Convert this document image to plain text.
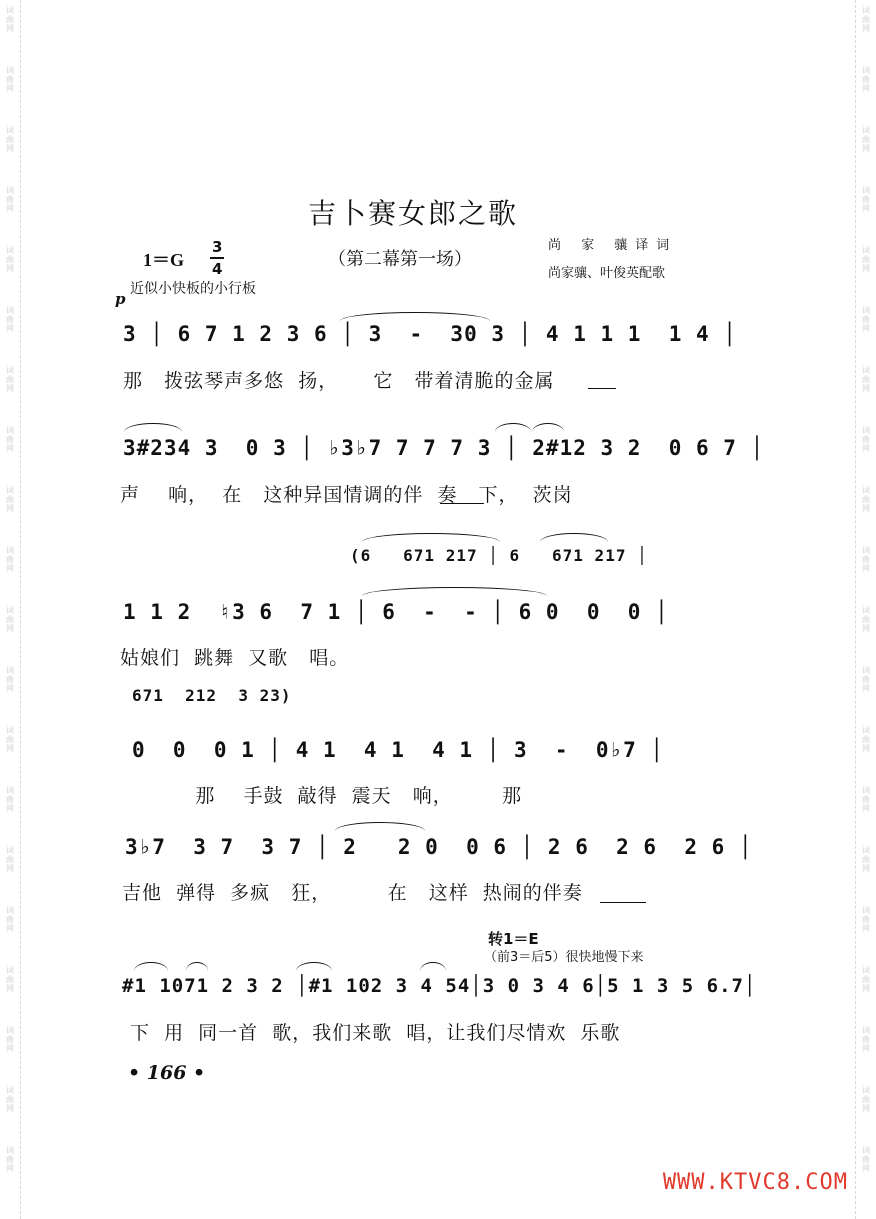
词曲网
词曲网
词曲网
词曲网
词曲网
词曲网
词曲网
词曲网
词曲网
词曲网
词曲网
词曲网
词曲网
词曲网
词曲网
词曲网
词曲网
词曲网
词曲网
词曲网
词曲网
词曲网
词曲网
词曲网
词曲网
词曲网
词曲网
词曲网
词曲网
词曲网
词曲网
词曲网
词曲网
词曲网
词曲网
词曲网
词曲网
词曲网
词曲网
词曲网
吉卜赛女郎之歌
1＝G
3
4	（第二幕第一场）
尚 家 骧译词
尚家骧、叶俊英配歌
近似小快板的小行板
p
3 │ 6 7 1 2 3 6 │ 3  -  30 3 │ 4 1 1 1  1 4 │
那   拨弦琴声多悠  扬，     它   带着清脆的金属
3#234 3  0 3 │ ♭3♭7 7 7 7 3 │ 2#12 3 2  0 6 7 │
声    响，  在   这种异国情调的伴  奏   下，  茨岗
(6   671 217 │ 6   671 217 │
1 1 2  ♮3 6  7 1 │ 6  -  - │ 6 0  0  0 │
姑娘们  跳舞  又歌   唱。
671  212  3 23)
0  0  0 1 │ 4 1  4 1  4 1 │ 3  -  0♭7 │
那    手鼓  敲得  震天   响，       那
3♭7  3 7  3 7 │ 2   2 0  0 6 │ 2 6  2 6  2 6 │
吉他  弹得  多疯   狂，        在   这样  热闹的伴奏
转1＝E
（前3＝后5）很快地慢下来
#1 1071 2 3 2 │#1 102 3 4 54│3 0 3 4 6│5 1 3 5 6.7│
下  用  同一首  歌，我们来歌  唱，让我们尽情欢  乐歌
• 166 •
WWW.KTVC8.COM
